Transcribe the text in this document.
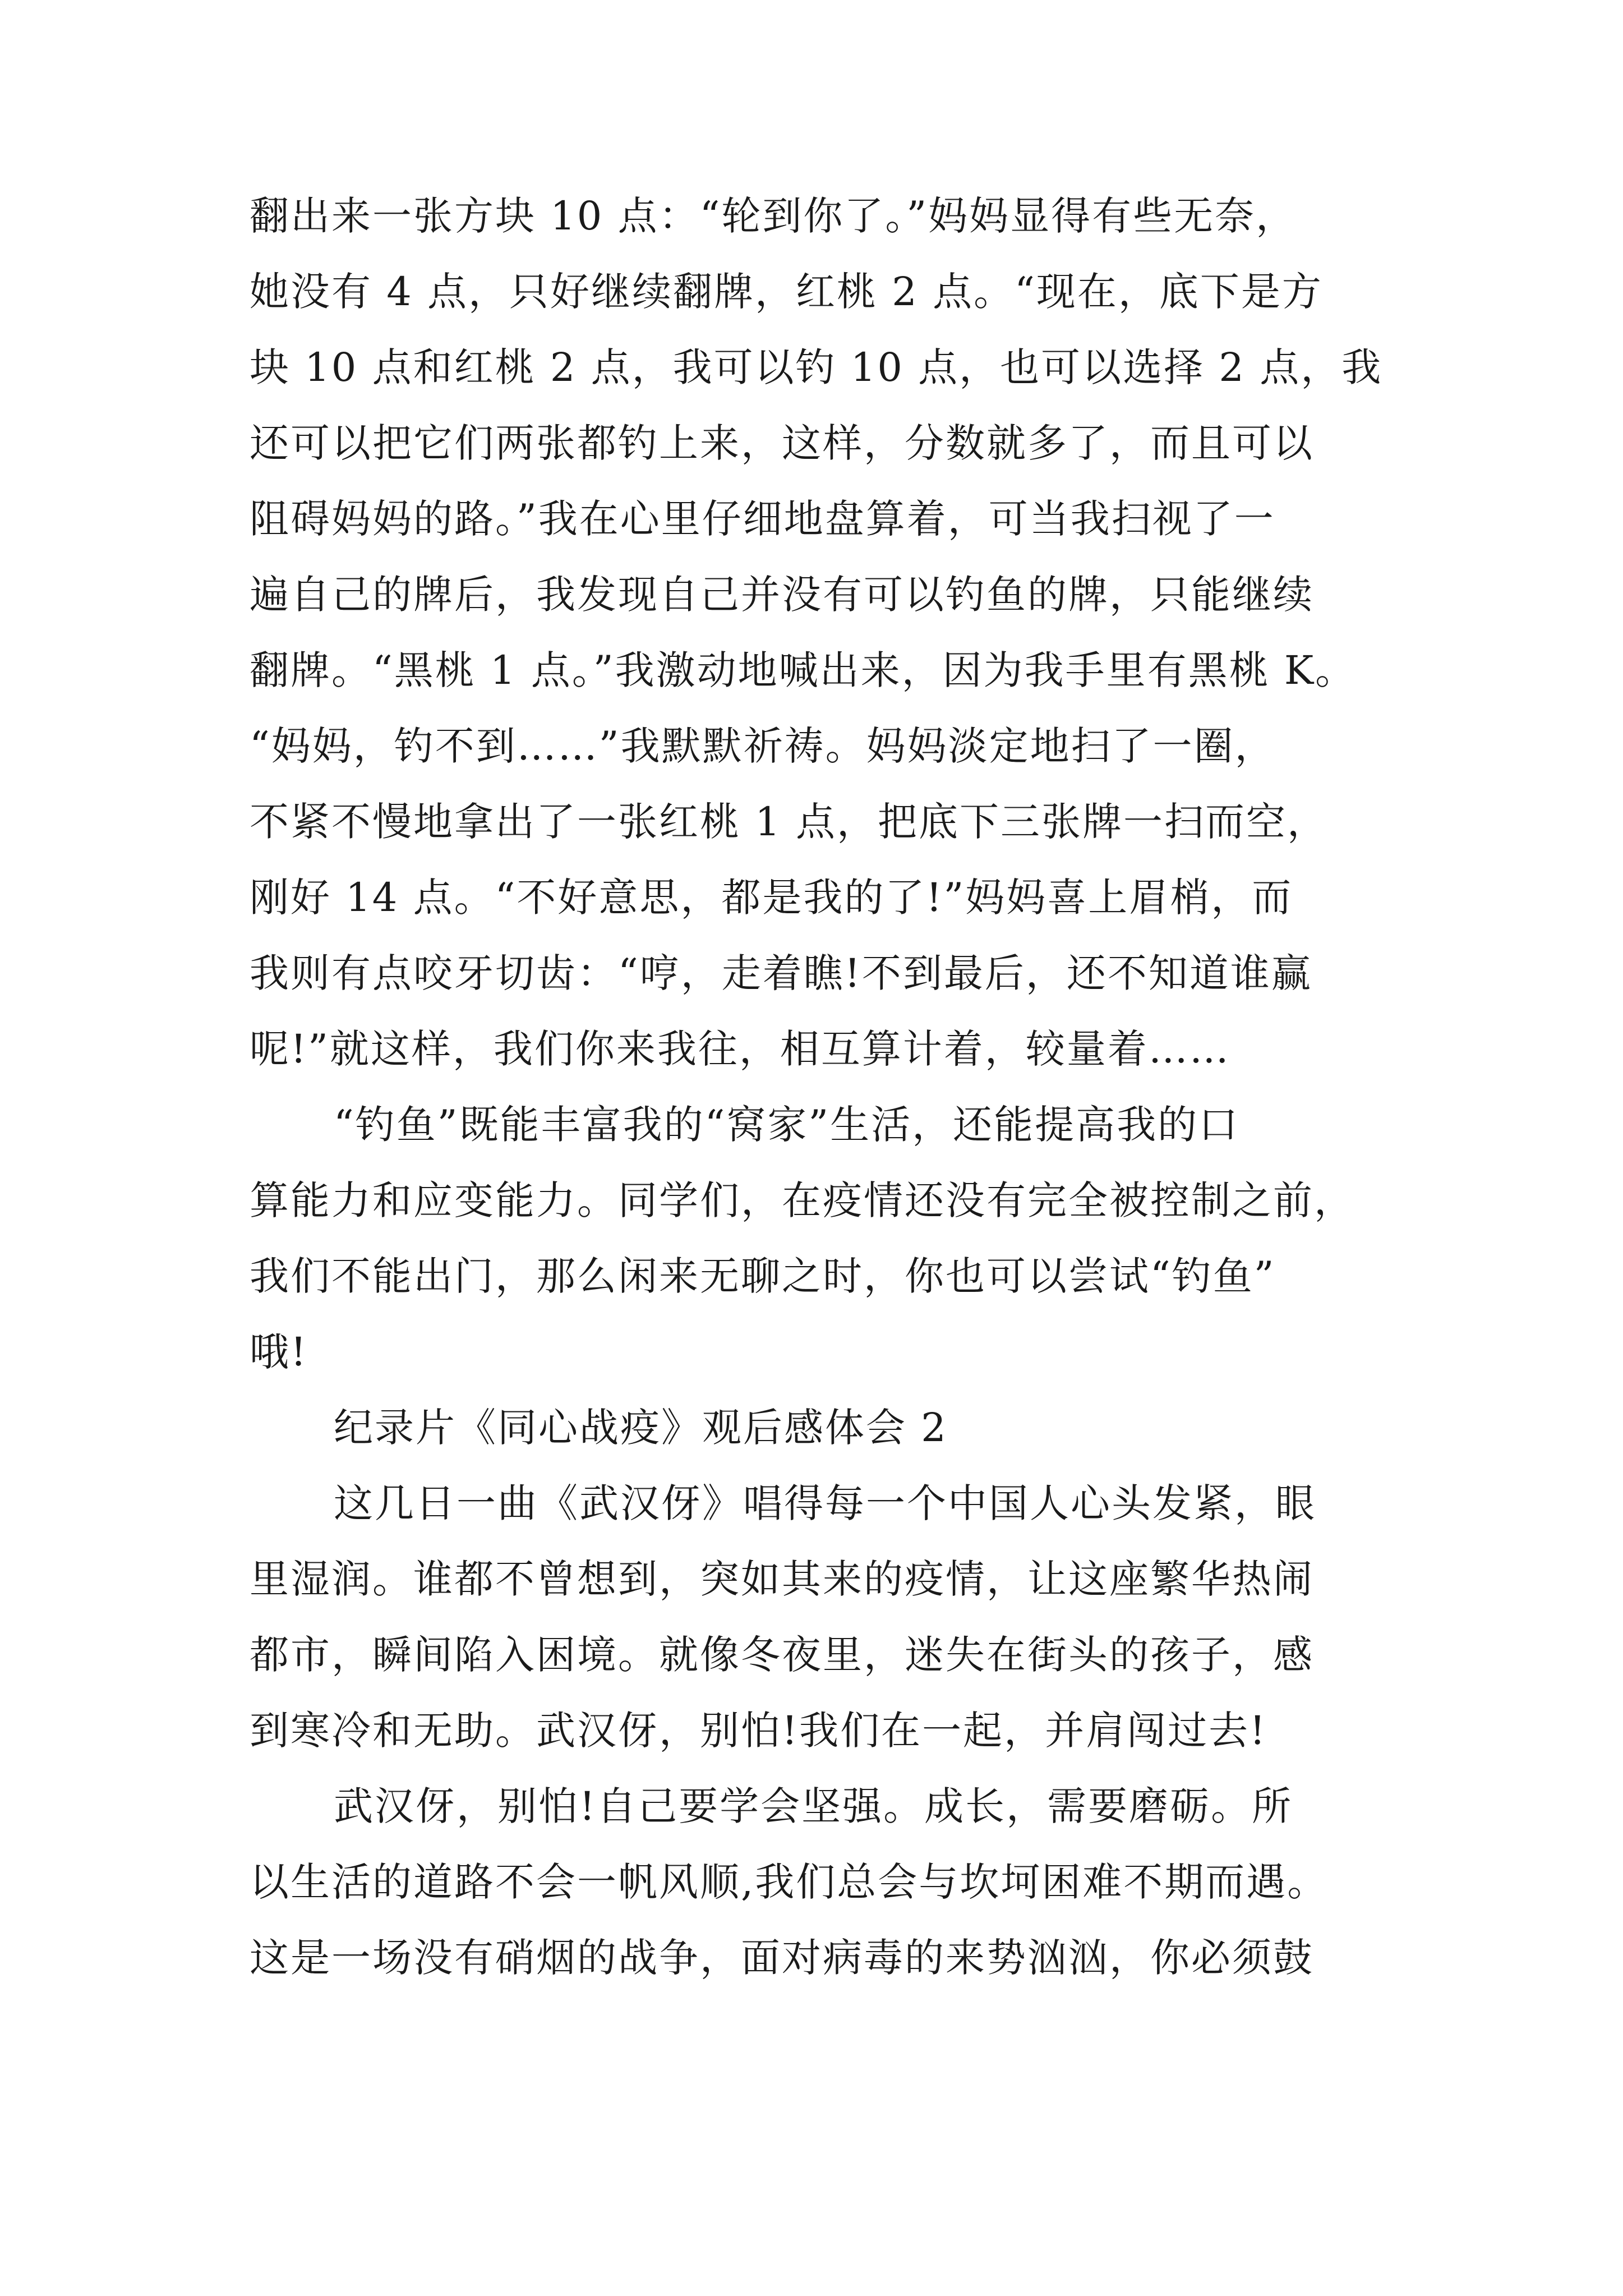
翻出来一张方块 10 点：“轮到你了。”妈妈显得有些无奈，
她没有 4 点，只好继续翻牌，红桃 2 点。“现在，底下是方
块 10 点和红桃 2 点，我可以钓 10 点，也可以选择 2 点，我
还可以把它们两张都钓上来，这样，分数就多了，而且可以
阻碍妈妈的路。”我在心里仔细地盘算着，可当我扫视了一
遍自己的牌后，我发现自己并没有可以钓鱼的牌，只能继续
翻牌。“黑桃 1 点。”我激动地喊出来，因为我手里有黑桃 K。
“妈妈，钓不到……”我默默祈祷。妈妈淡定地扫了一圈，
不紧不慢地拿出了一张红桃 1 点，把底下三张牌一扫而空，
刚好 14 点。“不好意思，都是我的了!”妈妈喜上眉梢，而
我则有点咬牙切齿：“哼，走着瞧!不到最后，还不知道谁赢
呢!”就这样，我们你来我往，相互算计着，较量着……
“钓鱼”既能丰富我的“窝家”生活，还能提高我的口
算能力和应变能力。同学们，在疫情还没有完全被控制之前，
我们不能出门，那么闲来无聊之时，你也可以尝试“钓鱼”
哦!
纪录片《同心战疫》观后感体会 2
这几日一曲《武汉伢》唱得每一个中国人心头发紧，眼
里湿润。谁都不曾想到，突如其来的疫情，让这座繁华热闹
都市，瞬间陷入困境。就像冬夜里，迷失在街头的孩子，感
到寒冷和无助。武汉伢，别怕!我们在一起，并肩闯过去!
武汉伢，别怕!自己要学会坚强。成长，需要磨砺。所
以生活的道路不会一帆风顺,我们总会与坎坷困难不期而遇。
这是一场没有硝烟的战争，面对病毒的来势汹汹，你必须鼓
